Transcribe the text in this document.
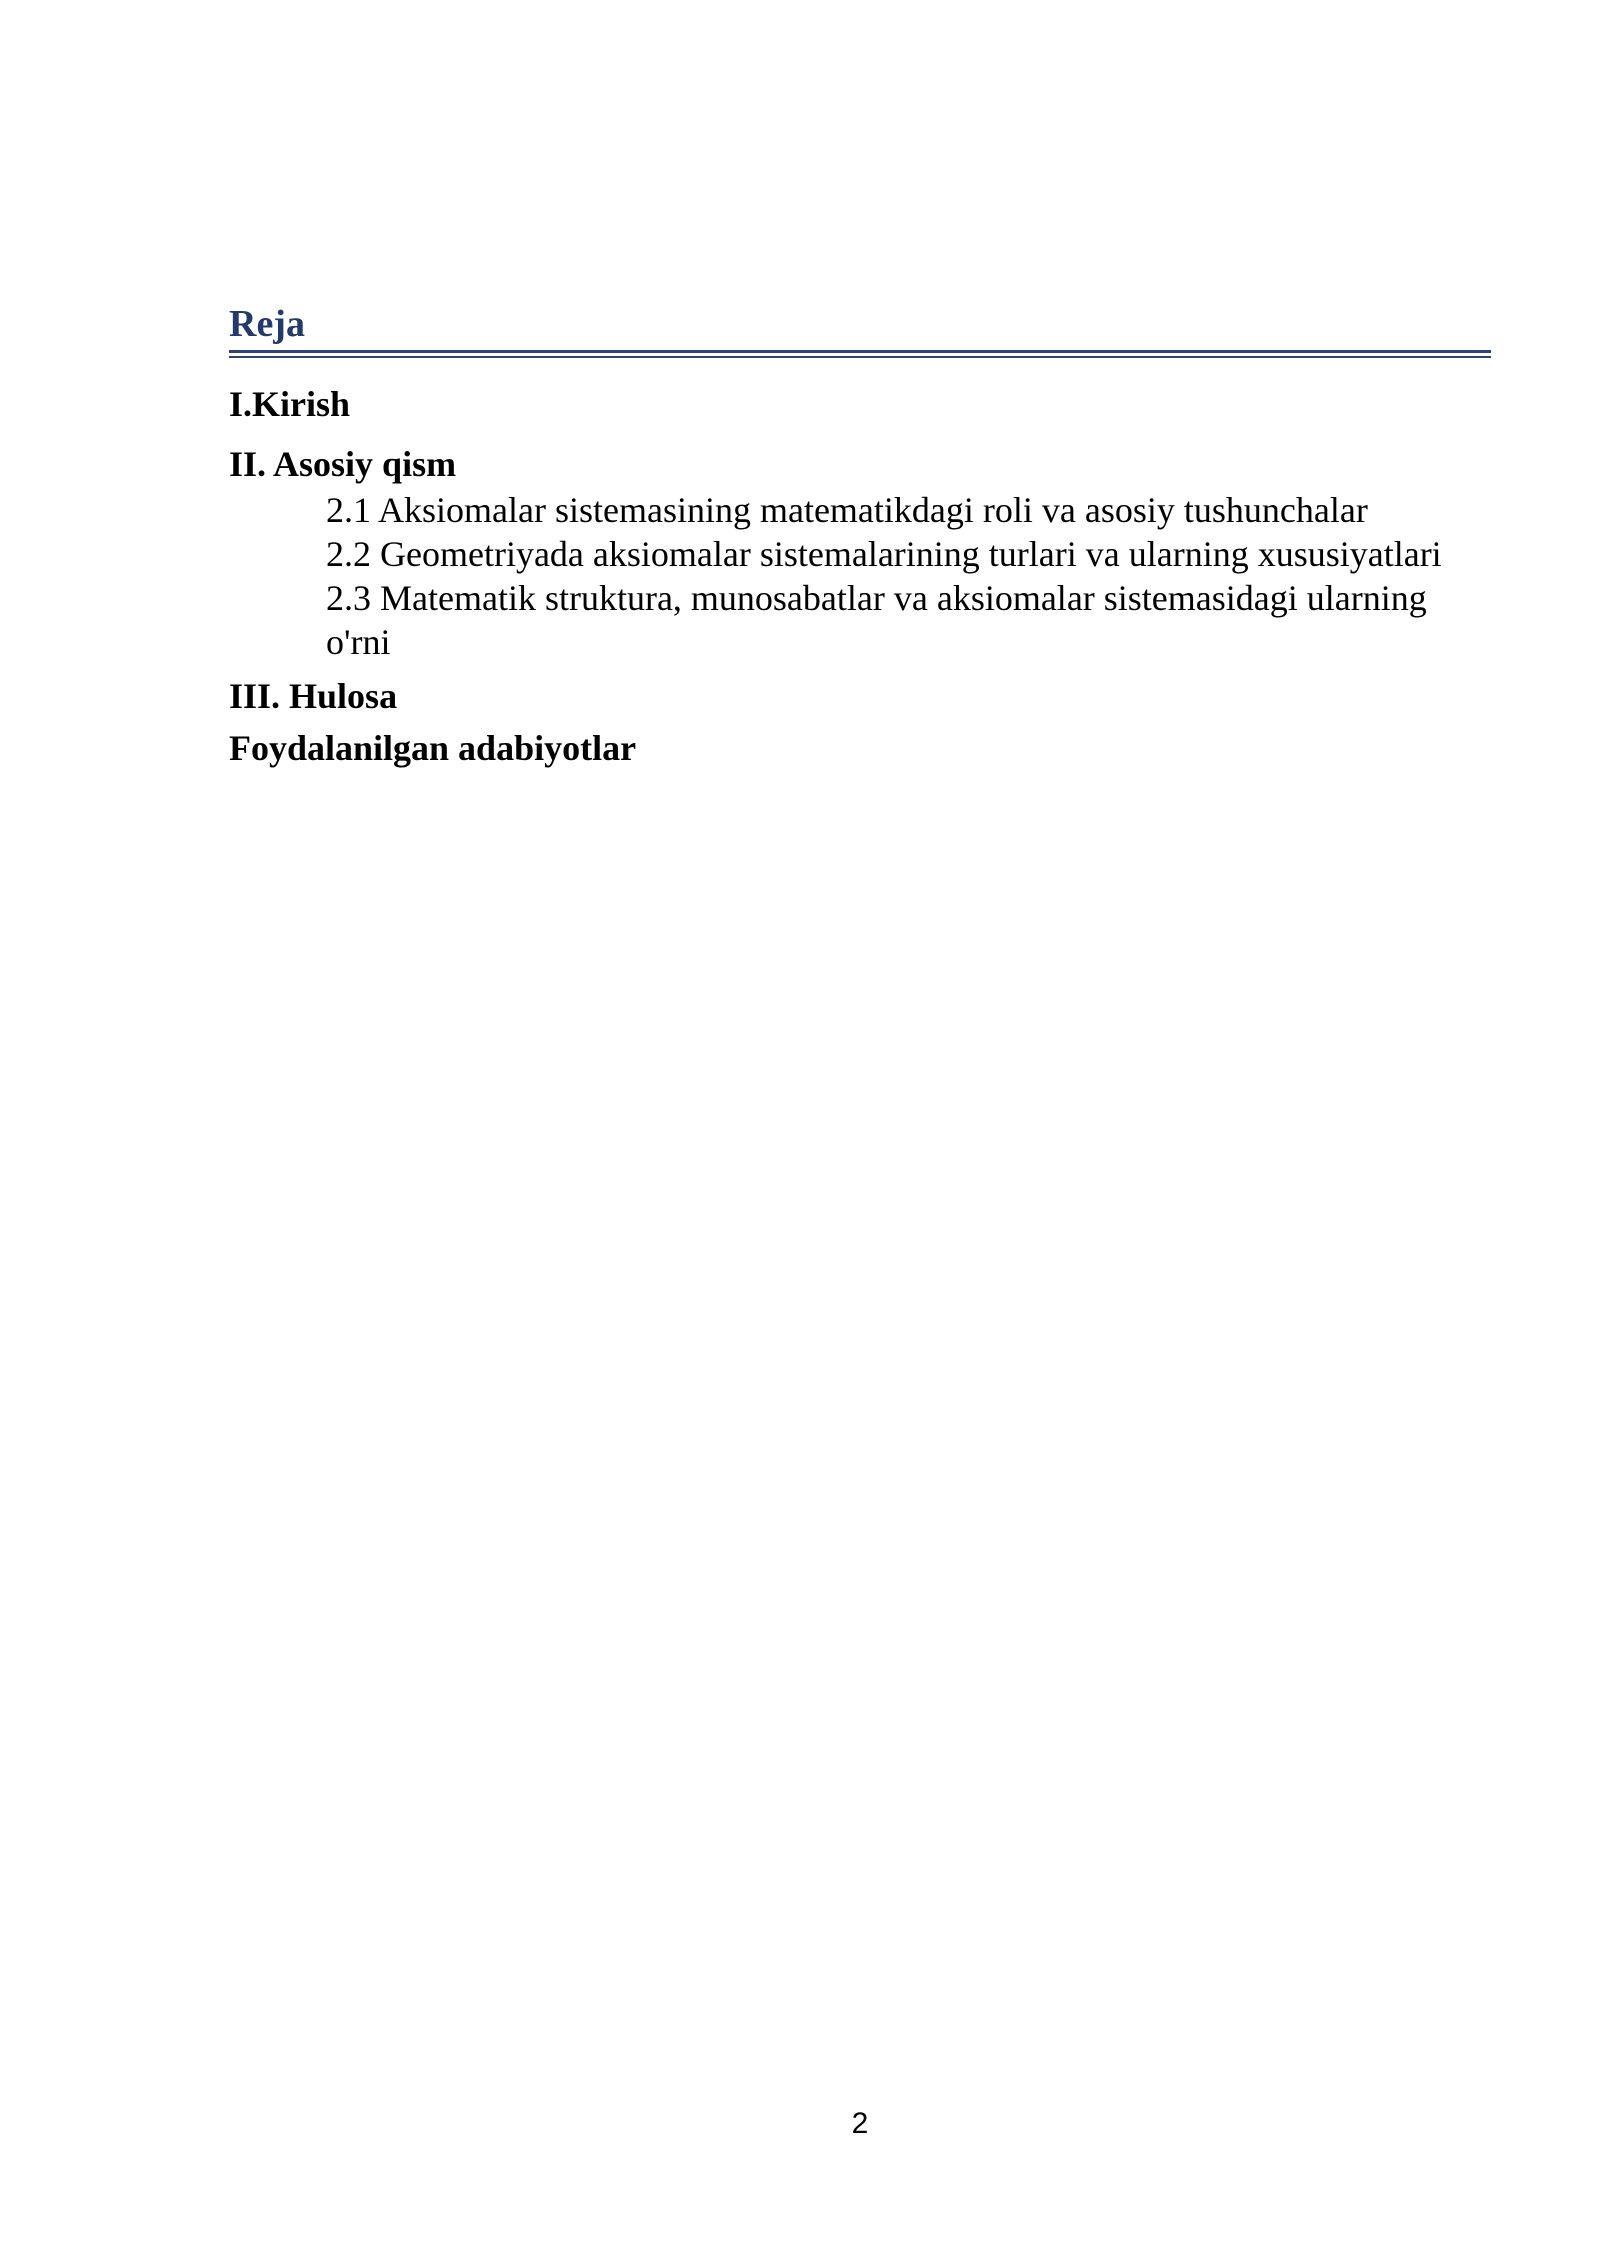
Reja

I.Kirish

II. Asosiy qism

2.1 Aksiomalar sistemasining matematikdagi roli va asosiy tushunchalar

2.2 Geometriyada aksiomalar sistemalarining turlari va ularning xususiyatlari

2.3 Matematik struktura, munosabatlar va aksiomalar sistemasidagi ularning o'rni

III. Hulosa

Foydalanilgan adabiyotlar

2
